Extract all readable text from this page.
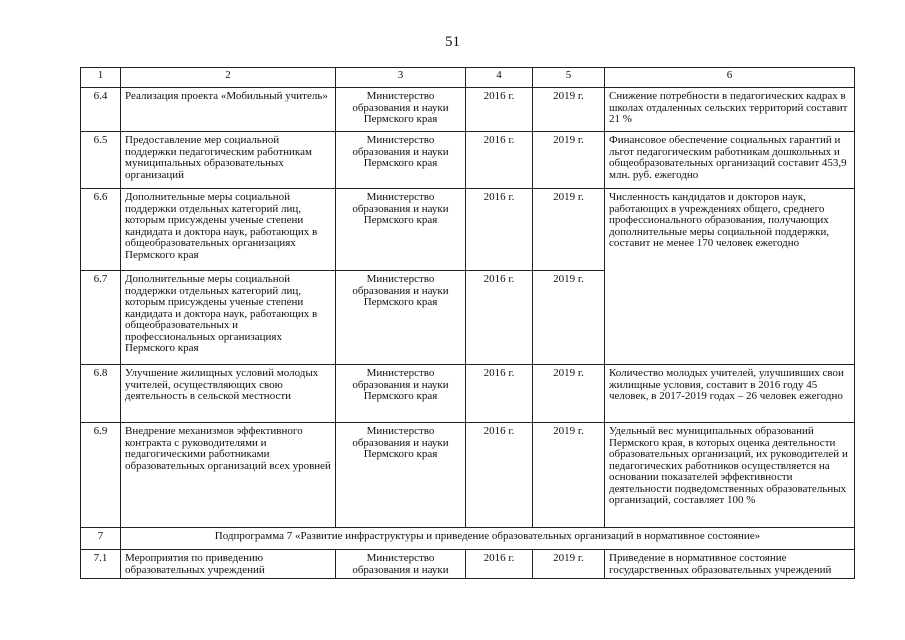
51
1	2	3	4	5	6
6.4	Реализация проекта «Мобильный учитель»	Министерство образования и науки Пермского края	2016 г.	2019 г.	Снижение потребности в педагогических кадрах в школах отдаленных сельских территорий составит 21 %
6.5	Предоставление мер социальной поддержки педагогическим работникам муниципальных образовательных организаций	Министерство образования и науки Пермского края	2016 г.	2019 г.	Финансовое обеспечение социальных гарантий и льгот педагогическим работникам дошкольных и общеобразовательных организаций составит 453,9 млн. руб. ежегодно
6.6	Дополнительные меры социальной поддержки отдельных категорий лиц, которым присуждены ученые степени кандидата и доктора наук, работающих в общеобразовательных организациях Пермского края	Министерство образования и науки Пермского края	2016 г.	2019 г.	Численность кандидатов и докторов наук, работающих в учреждениях общего, среднего профессионального образования, получающих дополнительные меры социальной поддержки, составит не менее 170 человек ежегодно
6.7	Дополнительные меры социальной поддержки отдельных категорий лиц, которым присуждены ученые степени кандидата и доктора наук, работающих в общеобразовательных и профессиональных организациях Пермского края	Министерство образования и науки Пермского края	2016 г.	2019 г.	
6.8	Улучшение жилищных условий молодых учителей, осуществляющих свою деятельность в сельской местности	Министерство образования и науки Пермского края	2016 г.	2019 г.	Количество молодых учителей, улучшивших свои жилищные условия, составит в 2016 году 45 человек, в 2017-2019 годах – 26 человек ежегодно
6.9	Внедрение механизмов эффективного контракта с руководителями и педагогическими работниками образовательных организаций всех уровней	Министерство образования и науки Пермского края	2016 г.	2019 г.	Удельный вес муниципальных образований Пермского края, в которых оценка деятельности образовательных организаций, их руководителей и педагогических работников осуществляется на основании показателей эффективности деятельности подведомственных образовательных организаций, составляет 100 %
7	Подпрограмма 7 «Развитие инфраструктуры и приведение образовательных организаций в нормативное состояние»				
7.1	Мероприятия по приведению образовательных учреждений	Министерство образования и науки	2016 г.	2019 г.	Приведение в нормативное состояние государственных образовательных учреждений
